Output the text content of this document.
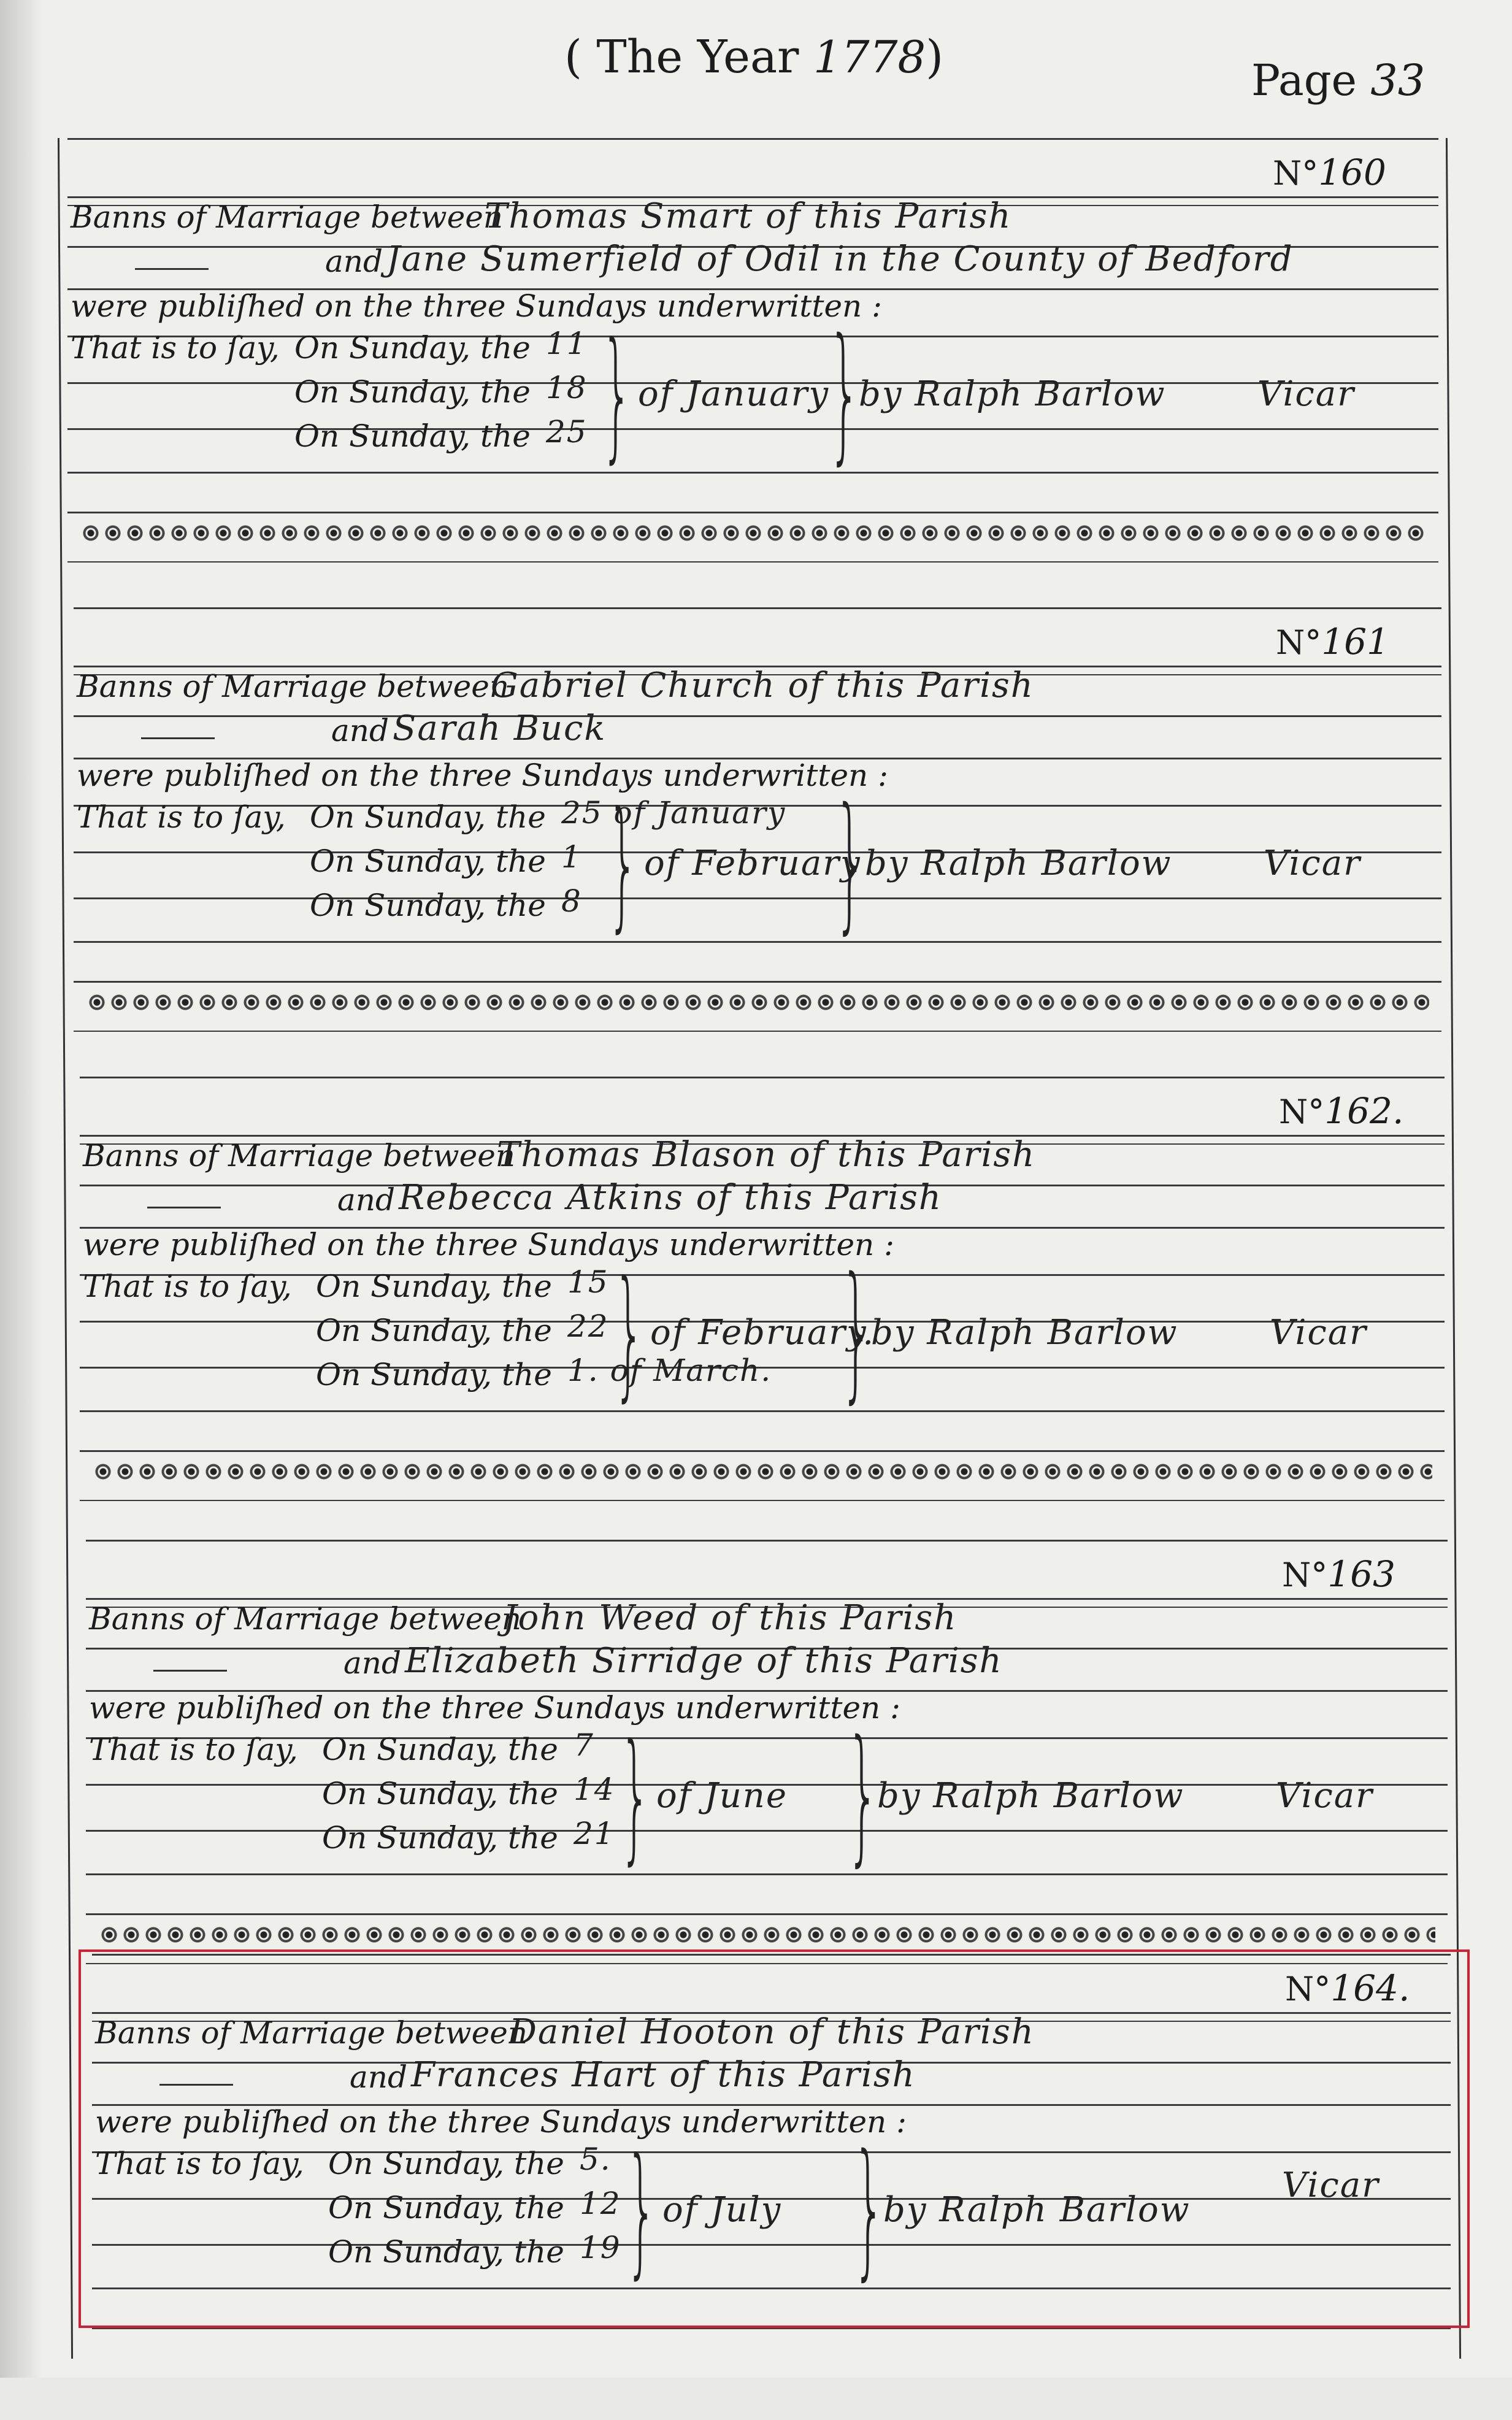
( The Year 1778)	Page 33
N°160
Banns of Marriage between
Thomas Smart of this Parish
and Jane Sumerfield of Odil in the County of Bedford
were publiſhed on the three Sundays underwritten :
That is to ſay, On Sunday, the 11
On Sunday, the 18
On Sunday, the 25 } of January
}
by Ralph Barlow	Vicar
N°161
Banns of Marriage between
Gabriel Church of this Parish
and Sarah Buck
were publiſhed on the three Sundays underwritten :
That is to ſay, On Sunday, the 25 of January
On Sunday, the 1
On Sunday, the 8 } of February
}
by Ralph Barlow	Vicar
N°162.
Banns of Marriage between
Thomas Blason of this Parish
and Rebecca Atkins of this Parish
were publiſhed on the three Sundays underwritten :
That is to ſay, On Sunday, the 15
On Sunday, the 22
On Sunday, the 1. of March.
} of February.
}
by Ralph Barlow	Vicar
N°163
Banns of Marriage between
John Weed of this Parish
and Elizabeth Sirridge of this Parish
were publiſhed on the three Sundays underwritten :
That is to ſay, On Sunday, the 7
On Sunday, the 14
On Sunday, the 21 } of June }
by Ralph Barlow	Vicar
N°164.
Banns of Marriage between
Daniel Hooton of this Parish
and Frances Hart of this Parish
were publiſhed on the three Sundays underwritten :
That is to ſay, On Sunday, the 5.
On Sunday, the 12
On Sunday, the 19 } of July }
by Ralph Barlow
Vicar
